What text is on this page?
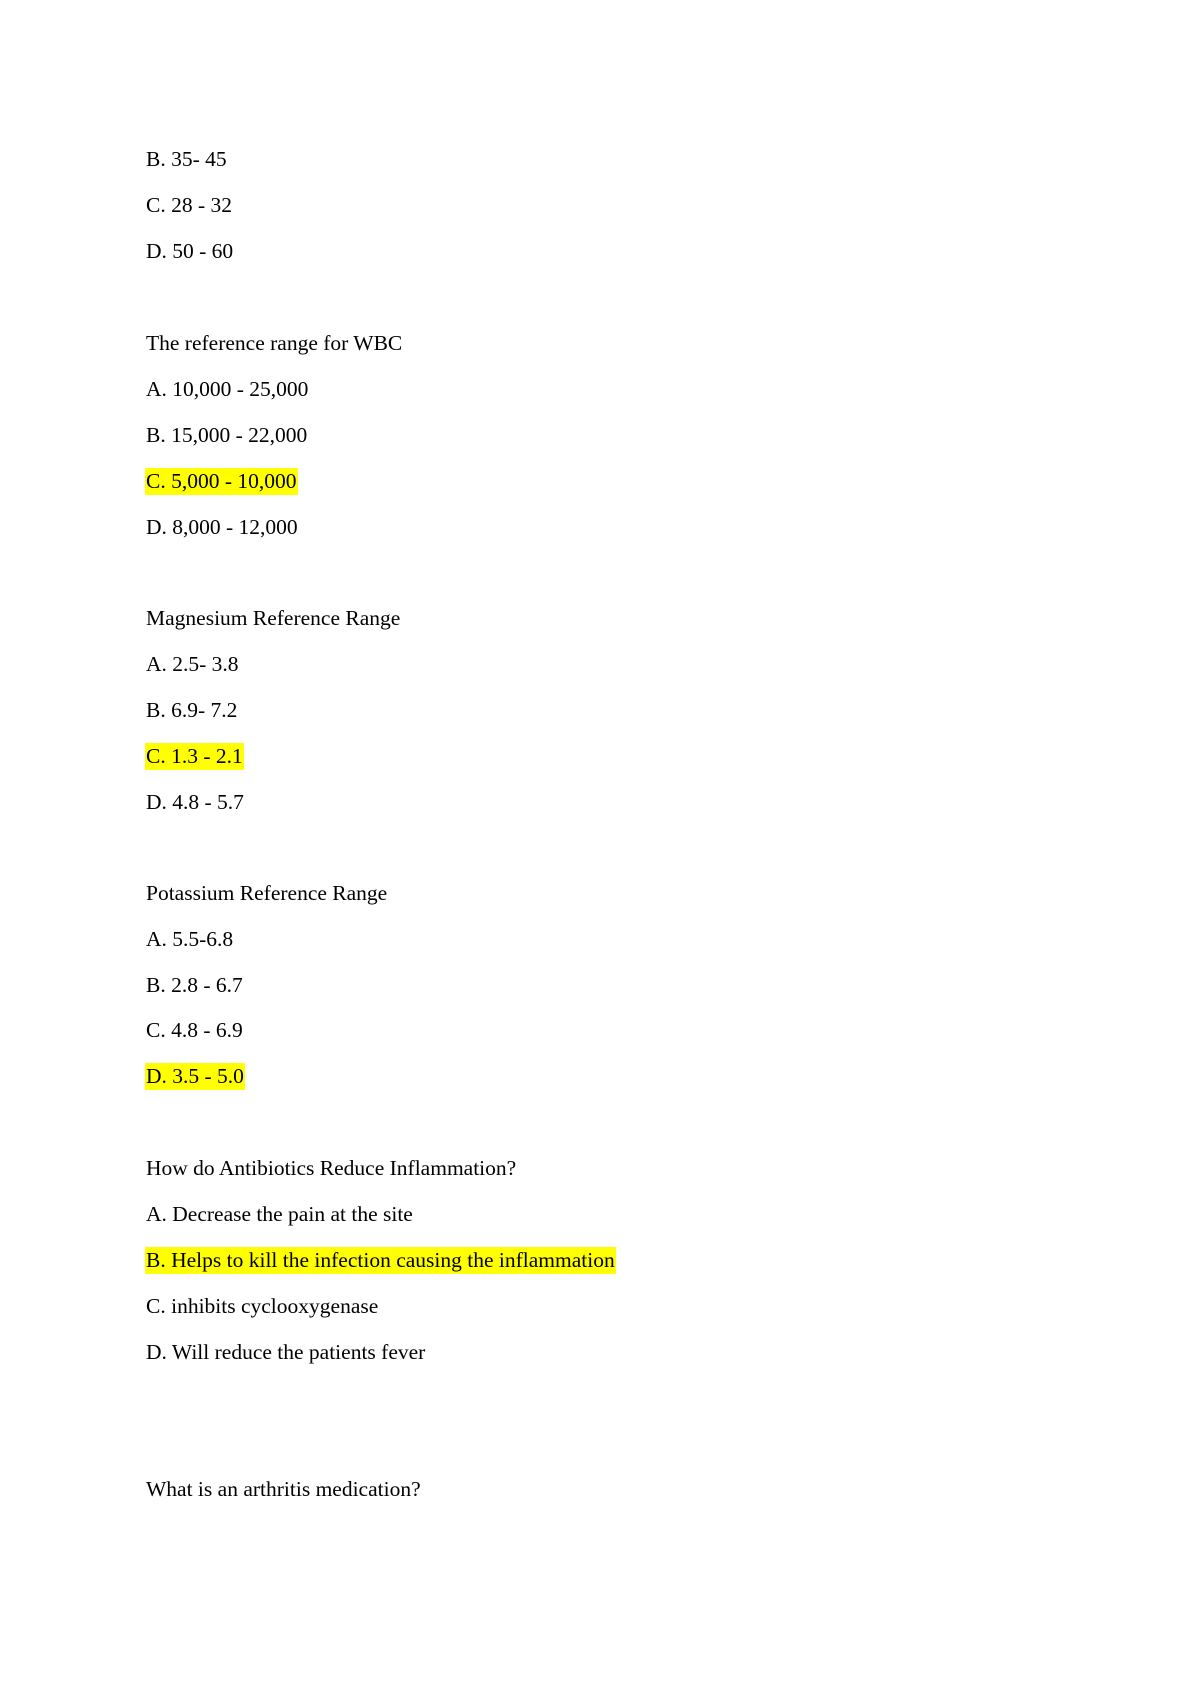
B. 35- 45
C. 28 - 32
D. 50 - 60
The reference range for WBC
A. 10,000 - 25,000
B. 15,000 - 22,000
C. 5,000 - 10,000
D. 8,000 - 12,000
Magnesium Reference Range
A. 2.5- 3.8
B. 6.9- 7.2
C. 1.3 - 2.1
D. 4.8 - 5.7
Potassium Reference Range
A. 5.5-6.8
B. 2.8 - 6.7
C. 4.8 - 6.9
D. 3.5 - 5.0
How do Antibiotics Reduce Inflammation?
A. Decrease the pain at the site
B. Helps to kill the infection causing the inflammation
C. inhibits cyclooxygenase
D. Will reduce the patients fever
What is an arthritis medication?
